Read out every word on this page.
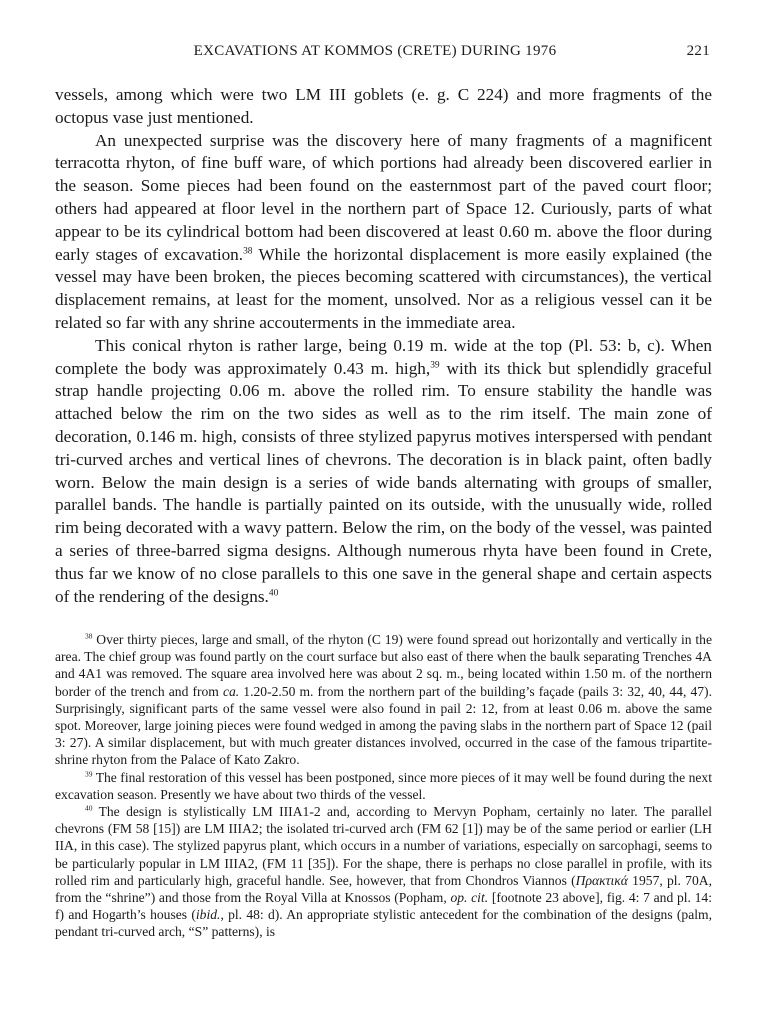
EXCAVATIONS AT KOMMOS (CRETE) DURING 1976	221

vessels, among which were two LM III goblets (e. g. C 224) and more fragments of the octopus vase just mentioned.

An unexpected surprise was the discovery here of many fragments of a magnificent terracotta rhyton, of fine buff ware, of which portions had already been discovered earlier in the season. Some pieces had been found on the easternmost part of the paved court floor; others had appeared at floor level in the northern part of Space 12. Curiously, parts of what appear to be its cylindrical bottom had been discovered at least 0.60 m. above the floor during early stages of excavation.$^{38}$ While the horizontal displacement is more easily explained (the vessel may have been broken, the pieces becoming scattered with circumstances), the vertical displacement remains, at least for the moment, unsolved. Nor as a religious vessel can it be related so far with any shrine accouterments in the immediate area.

This conical rhyton is rather large, being 0.19 m. wide at the top (Pl. 53: b, c). When complete the body was approximately 0.43 m. high,$^{39}$ with its thick but splendidly graceful strap handle projecting 0.06 m. above the rolled rim. To ensure stability the handle was attached below the rim on the two sides as well as to the rim itself. The main zone of decoration, 0.146 m. high, consists of three stylized papyrus motives interspersed with pendant tri-curved arches and vertical lines of chevrons. The decoration is in black paint, often badly worn. Below the main design is a series of wide bands alternating with groups of smaller, parallel bands. The handle is partially painted on its outside, with the unusually wide, rolled rim being decorated with a wavy pattern. Below the rim, on the body of the vessel, was painted a series of three-barred sigma designs. Although numerous rhyta have been found in Crete, thus far we know of no close parallels to this one save in the general shape and certain aspects of the rendering of the designs.$^{40}$

$^{38}$ Over thirty pieces, large and small, of the rhyton (C 19) were found spread out horizontally and vertically in the area. The chief group was found partly on the court surface but also east of there when the baulk separating Trenches 4A and 4A1 was removed. The square area involved here was about 2 sq. m., being located within 1.50 m. of the northern border of the trench and from ca. 1.20-2.50 m. from the northern part of the building’s façade (pails 3: 32, 40, 44, 47). Surprisingly, significant parts of the same vessel were also found in pail 2: 12, from at least 0.06 m. above the same spot. Moreover, large joining pieces were found wedged in among the paving slabs in the northern part of Space 12 (pail 3: 27). A similar displacement, but with much greater distances involved, occurred in the case of the famous tripartite-shrine rhyton from the Palace of Kato Zakro.

$^{39}$ The final restoration of this vessel has been postponed, since more pieces of it may well be found during the next excavation season. Presently we have about two thirds of the vessel.

$^{40}$ The design is stylistically LM IIIA1-2 and, according to Mervyn Popham, certainly no later. The parallel chevrons (FM 58 [15]) are LM IIIA2; the isolated tri-curved arch (FM 62 [1]) may be of the same period or earlier (LH IIA, in this case). The stylized papyrus plant, which occurs in a number of variations, especially on sarcophagi, seems to be particularly popular in LM IIIA2, (FM 11 [35]). For the shape, there is perhaps no close parallel in profile, with its rolled rim and particularly high, graceful handle. See, however, that from Chondros Viannos (Πρακτικά 1957, pl. 70A, from the “shrine”) and those from the Royal Villa at Knossos (Popham, op. cit. [footnote 23 above], fig. 4: 7 and pl. 14: f) and Hogarth’s houses (ibid., pl. 48: d). An appropriate stylistic antecedent for the combination of the designs (palm, pendant tri-curved arch, “S” patterns), is
